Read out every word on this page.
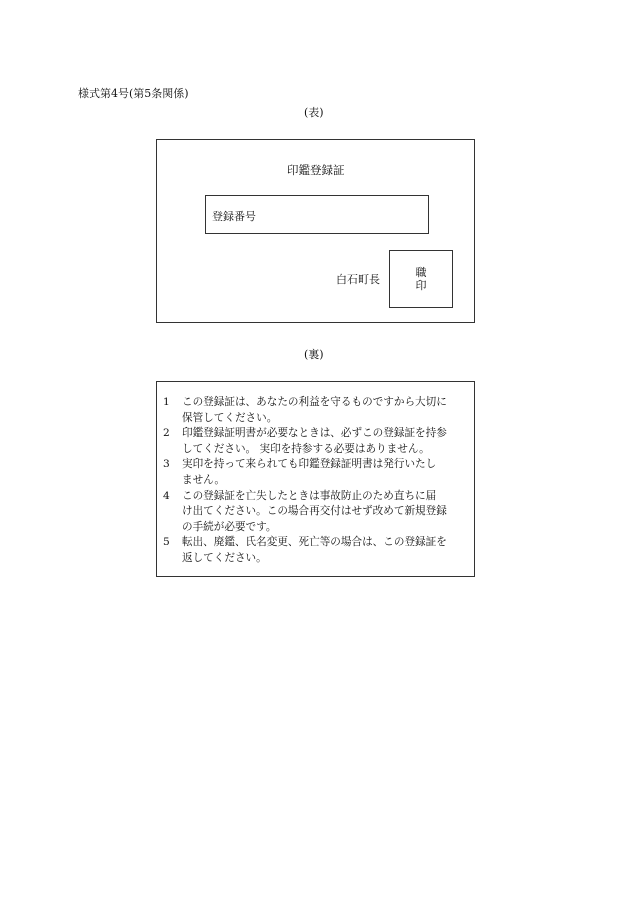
様式第4号(第5条関係)
(表)
印鑑登録証
登録番号
白石町長
職
印
(裏)
1	この登録証は、あなたの利益を守るものですから大切に
保管してください。
2	印鑑登録証明書が必要なときは、必ずこの登録証を持参
してください。 実印を持参する必要はありません。
3	実印を持って来られても印鑑登録証明書は発行いたし
ません。
4	この登録証を亡失したときは事故防止のため直ちに届
け出てください。この場合再交付はせず改めて新規登録
の手続が必要です。
5	転出、廃鑑、氏名変更、死亡等の場合は、この登録証を
返してください。
